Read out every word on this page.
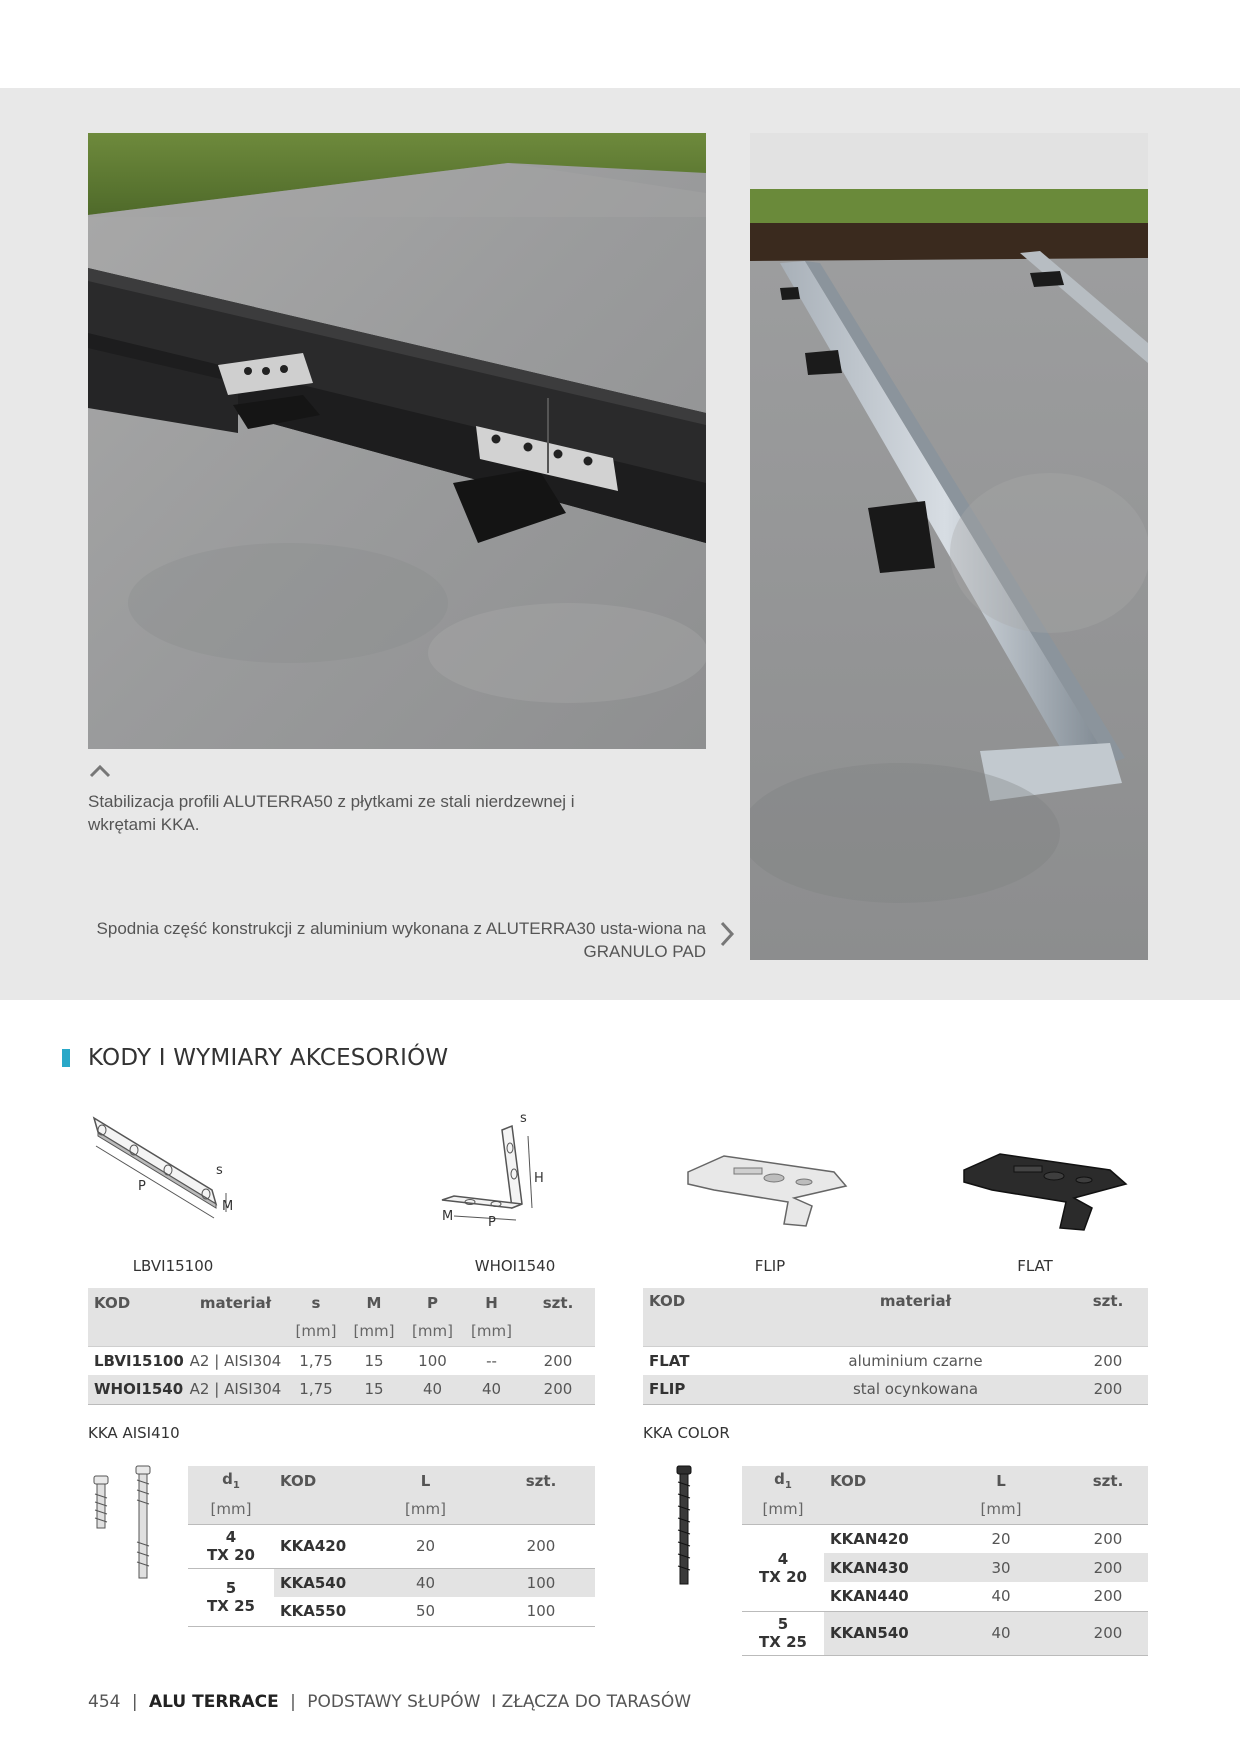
Stabilizacja profili ALUTERRA50 z płytkami ze stali nierdzewnej i wkrętami KKA.
Spodnia część konstrukcji z aluminium wykonana z ALUTERRA30 usta-wiona na GRANULO PAD
KODY I WYMIARY AKCESORIÓW
s
M
P
LBVI15100
s
H
M	P
WHOI1540	FLIP	FLAT
KOD	materiał	s	M	P	H	szt.
		[mm]	[mm]	[mm]	[mm]	
LBVI15100	A2 | AISI304	1,75	15	100	--	200
WHOI1540	A2 | AISI304	1,75	15	40	40	200
KOD	materiał	szt.
FLAT	aluminium czarne	200
FLIP	stal ocynkowana	200
KKA AISI410
$d_1$	KOD	L	szt.
[mm]		[mm]	
4
TX 20	KKA420	20	200
5
TX 25	KKA540	40	100
	KKA550	50	100
KKA COLOR
$d_1$	KOD	L	szt.
[mm]		[mm]	
4
TX 20	KKAN420	20	200
	KKAN430	30	200
	KKAN440	40	200
5
TX 25	KKAN540	40	200
454 | ALU TERRACE | PODSTAWY SŁUPÓW  I ZŁĄCZA DO TARASÓW
